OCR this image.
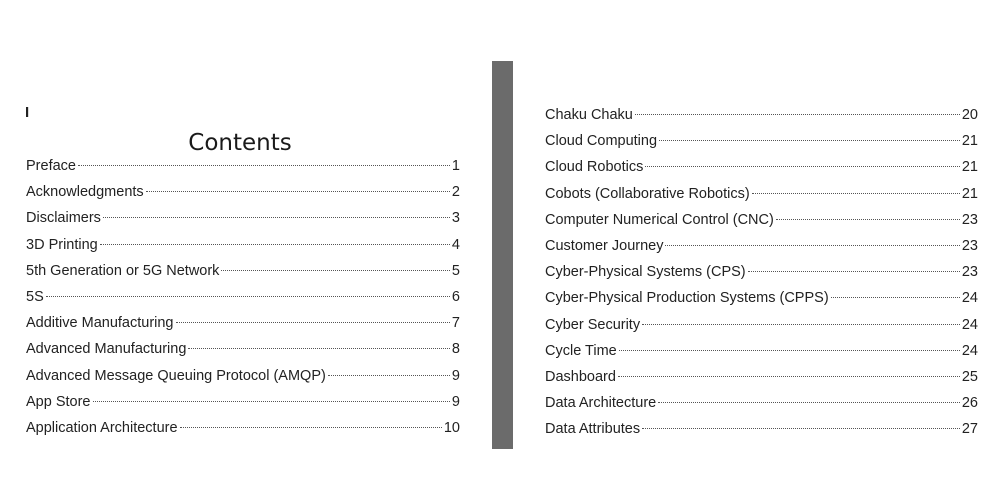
I
Contents
Preface	1
Acknowledgments	2
Disclaimers	3
3D Printing	4
5th Generation or 5G Network	5
5S	6
Additive Manufacturing	7
Advanced Manufacturing	8
Advanced Message Queuing Protocol (AMQP)	9
App Store	9
Application Architecture	10
Chaku Chaku	20
Cloud Computing	21
Cloud Robotics	21
Cobots (Collaborative Robotics)	21
Computer Numerical Control (CNC)	23
Customer Journey	23
Cyber-Physical Systems (CPS)	23
Cyber-Physical Production Systems (CPPS)	24
Cyber Security	24
Cycle Time	24
Dashboard	25
Data Architecture	26
Data Attributes	27
